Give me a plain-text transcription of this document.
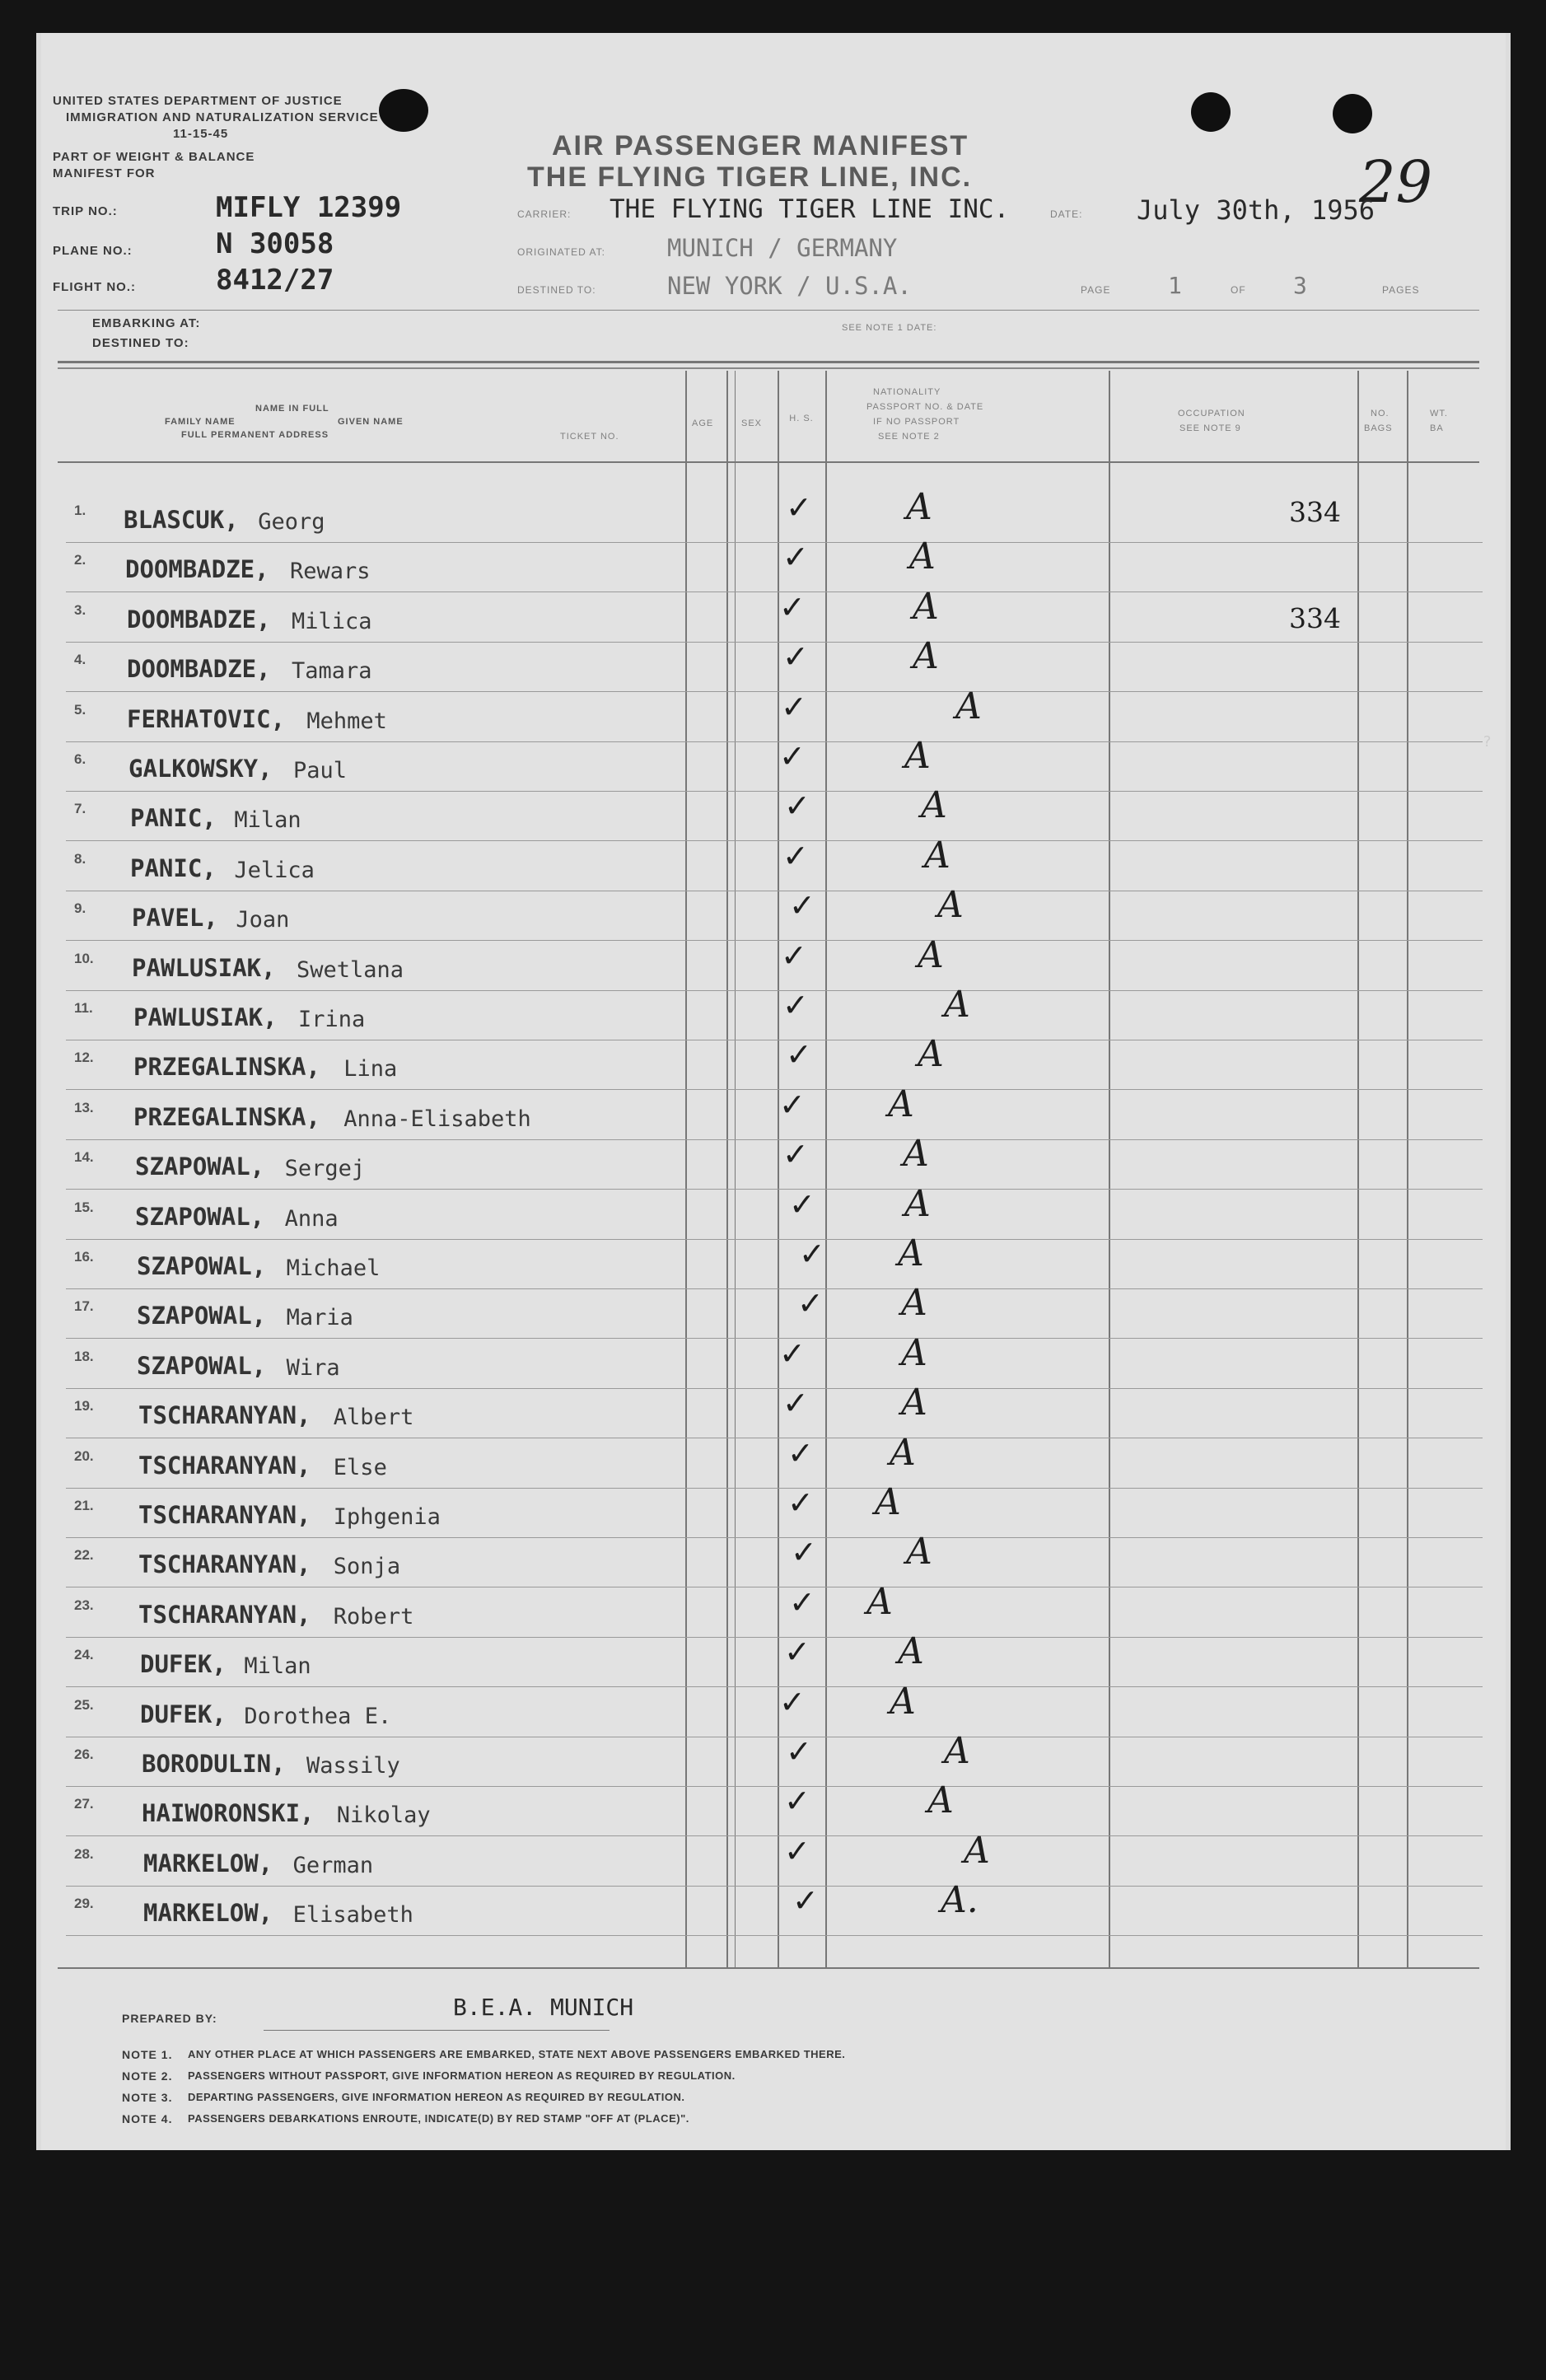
UNITED STATES DEPARTMENT OF JUSTICE
IMMIGRATION AND NATURALIZATION SERVICE
11-15-45
PART OF WEIGHT & BALANCE
MANIFEST FOR
AIR PASSENGER MANIFEST
THE FLYING TIGER LINE, INC.	29
TRIP NO.:	MIFLY 12399
PLANE NO.:	N 30058
FLIGHT NO.:	8412/27
CARRIER: THE FLYING TIGER LINE INC.	DATE: July 30th, 1956
ORIGINATED AT:	MUNICH / GERMANY
DESTINED TO:	NEW YORK / U.S.A.	PAGE 1	OF 3	PAGES
EMBARKING AT:
DESTINED TO:
SEE NOTE 1 DATE:
NAME IN FULL
FAMILY NAME	GIVEN NAME
FULL PERMANENT ADDRESS	TICKET NO.
AGE	SEX	H. S.
NATIONALITY
PASSPORT NO. & DATE
IF NO PASSPORT
SEE NOTE 2
OCCUPATION
SEE NOTE 9
NO.
BAGS
WT.
BA
1. BLASCUK, Georg	✓	A	334
2. DOOMBADZE, Rewars	✓	A
3. DOOMBADZE, Milica	✓	A	334
4. DOOMBADZE, Tamara	✓	A
5. FERHATOVIC, Mehmet	✓	A
6. GALKOWSKY, Paul	✓	A
7. PANIC, Milan	✓	A
8. PANIC, Jelica	✓	A
9. PAVEL, Joan	✓	A
10. PAWLUSIAK, Swetlana	✓	A
11. PAWLUSIAK, Irina	✓	A
12. PRZEGALINSKA, Lina	✓	A
13. PRZEGALINSKA, Anna-Elisabeth	✓ A
14. SZAPOWAL, Sergej	✓	A
15. SZAPOWAL, Anna	✓ A
16. SZAPOWAL, Michael	✓ A
17. SZAPOWAL, Maria	✓ A
18. SZAPOWAL, Wira	✓	A
19. TSCHARANYAN, Albert	✓	A
20. TSCHARANYAN, Else	✓ A
21. TSCHARANYAN, Iphgenia	✓ A
22. TSCHARANYAN, Sonja	✓ A
23. TSCHARANYAN, Robert	✓ A
24. DUFEK, Milan	✓ A
25. DUFEK, Dorothea E.	✓ A
26. BORODULIN, Wassily	✓	A
27. HAIWORONSKI, Nikolay	✓	A
28. MARKELOW, German	✓	A
29. MARKELOW, Elisabeth	✓	A.
PREPARED BY:	B.E.A. MUNICH
NOTE 1. ANY OTHER PLACE AT WHICH PASSENGERS ARE EMBARKED, STATE NEXT ABOVE PASSENGERS EMBARKED THERE.
NOTE 2. PASSENGERS WITHOUT PASSPORT, GIVE INFORMATION HEREON AS REQUIRED BY REGULATION.
NOTE 3. DEPARTING PASSENGERS, GIVE INFORMATION HEREON AS REQUIRED BY REGULATION.
NOTE 4. PASSENGERS DEBARKATIONS ENROUTE, INDICATE(D) BY RED STAMP "OFF AT (PLACE)".
?
